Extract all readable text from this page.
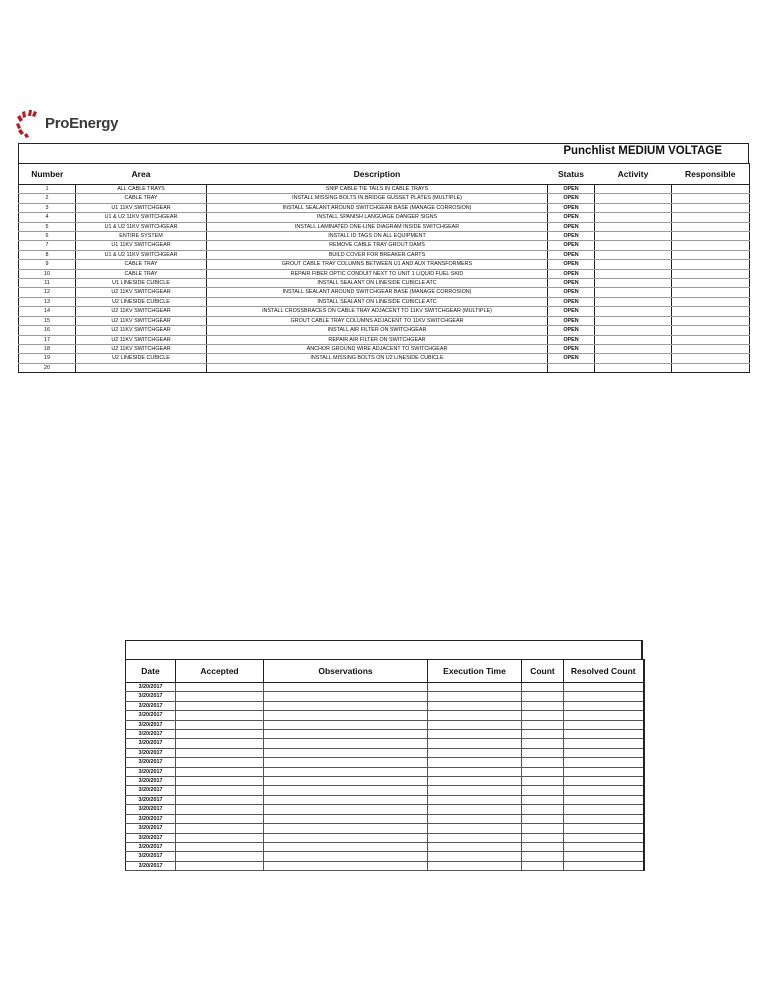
ProEnergy
Punchlist MEDIUM VOLTAGE
Number	Area	Description	Status	Activity	Responsible
1	ALL CABLE TRAYS	SNIP CABLE TIE TAILS IN CABLE TRAYS	OPEN		
2	CABLE TRAY	INSTALL MISSING BOLTS IN BRIDGE GUSSET PLATES (MULTIPLE)	OPEN		
3	U1 11KV SWITCHGEAR	INSTALL SEALANT AROUND SWITCHGEAR BASE (MANAGE CORROSION)	OPEN		
4	U1 & U2 11KV SWITCHGEAR	INSTALL SPANISH LANGUAGE DANGER SIGNS	OPEN		
5	U1 & U2 11KV SWITCHGEAR	INSTALL LAMINATED ONE-LINE DIAGRAM INSIDE SWITCHGEAR	OPEN		
6	ENTIRE SYSTEM	INSTALL ID TAGS ON ALL EQUIPMENT	OPEN		
7	U1 11KV SWITCHGEAR	REMOVE CABLE TRAY GROUT DAMS	OPEN		
8	U1 & U2 11KV SWITCHGEAR	BUILD COVER FOR BREAKER CARTS	OPEN		
9	CABLE TRAY	GROUT CABLE TRAY COLUMNS BETWEEN U1 AND AUX TRANSFORMERS	OPEN		
10	CABLE TRAY	REPAIR FIBER OPTIC CONDUIT NEXT TO UNIT 1 LIQUID FUEL SKID	OPEN		
11	U1 LINESIDE CUBICLE	INSTALL SEALANT ON LINESIDE CUBICLE ATC	OPEN		
12	U2 11KV SWITCHGEAR	INSTALL SEALANT AROUND SWITCHGEAR BASE (MANAGE CORROSION)	OPEN		
13	U2 LINESIDE CUBICLE	INSTALL SEALANT ON LINESIDE CUBICLE ATC	OPEN		
14	U2 11KV SWITCHGEAR	INSTALL CROSSBRACES ON CABLE TRAY ADJACENT TO 11KV SWITCHGEAR (MULTIPLE)	OPEN		
15	U2 11KV SWITCHGEAR	GROUT CABLE TRAY COLUMNS ADJACENT TO 11KV SWITCHGEAR	OPEN		
16	U2 11KV SWITCHGEAR	INSTALL AIR FILTER ON SWITCHGEAR	OPEN		
17	U2 11KV SWITCHGEAR	REPAIR AIR FILTER ON SWITCHGEAR	OPEN		
18	U2 11KV SWITCHGEAR	ANCHOR GROUND WIRE ADJACENT TO SWITCHGEAR	OPEN		
19	U2 LINESIDE CUBICLE	INSTALL MISSING BOLTS ON U2 LINESIDE CUBICLE	OPEN		
20					
Date	Accepted	Observations	Execution Time	Count	Resolved Count
3/20/2017					
3/20/2017					
3/20/2017					
3/20/2017					
3/20/2017					
3/20/2017					
3/20/2017					
3/20/2017					
3/20/2017					
3/20/2017					
3/20/2017					
3/20/2017					
3/20/2017					
3/20/2017					
3/20/2017					
3/20/2017					
3/20/2017					
3/20/2017					
3/20/2017					
3/20/2017					
